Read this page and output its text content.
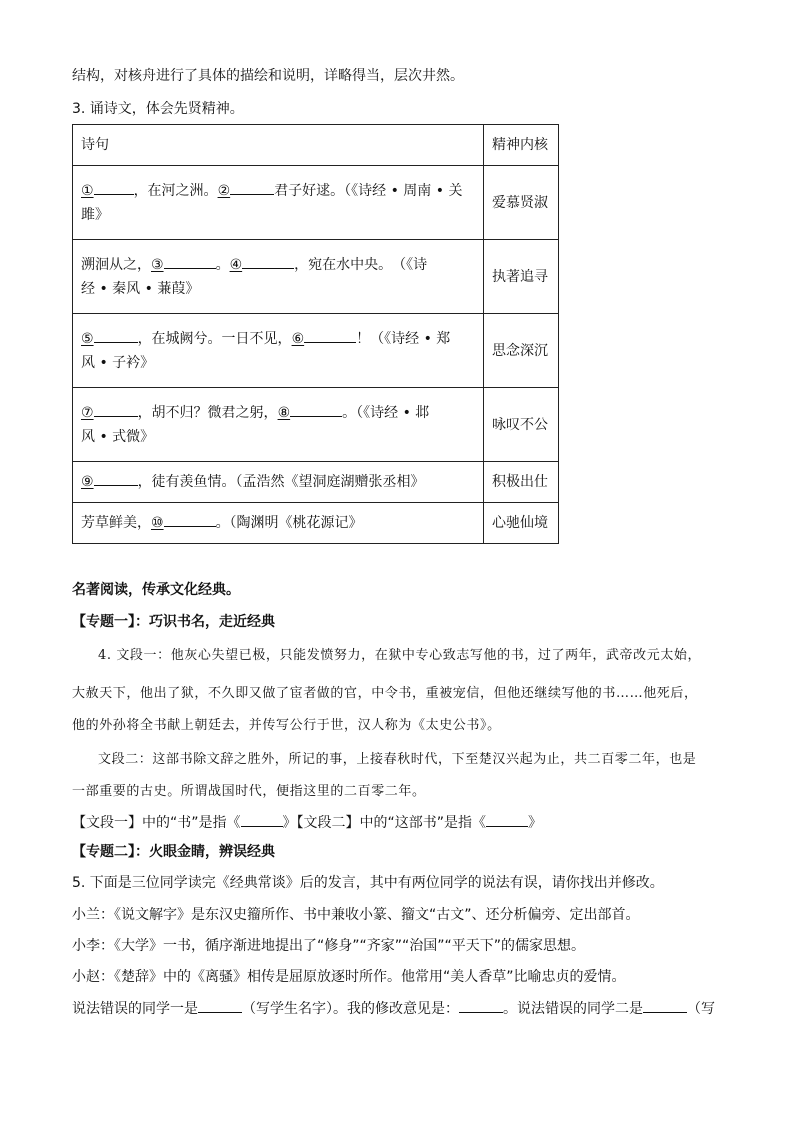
结构，对核舟进行了具体的描绘和说明，详略得当，层次井然。
3. 诵诗文，体会先贤精神。
诗句	精神内核
① ，在河之洲。② 君子好逑。（《诗经 • 周南 • 关
雎》	爱慕贤淑
溯洄从之，③ 。④ ，宛在水中央。　（《诗
经 • 秦风 • 蒹葭》	执著追寻
⑤ ，在城阙兮。一日不见，⑥ ！（《诗经 • 郑
风 • 子衿》	思念深沉
⑦ ，胡不归？微君之躬，⑧ 。（《诗经 • 邶
风 • 式微》	咏叹不公
⑨ ，徒有羡鱼情。（孟浩然《望洞庭湖赠张丞相》	积极出仕
芳草鲜美，⑩ 。（陶渊明《桃花源记》	心驰仙境
名著阅读，传承文化经典。
【专题一】：巧识书名，走近经典
4. 文段一：他灰心失望已极，只能发愤努力，在狱中专心致志写他的书，过了两年，武帝改元太始，
大赦天下，他出了狱，不久即又做了宦者做的官，中令书，重被宠信，但他还继续写他的书……他死后，
他的外孙将全书献上朝廷去，并传写公行于世，汉人称为《太史公书》。
文段二：这部书除文辞之胜外，所记的事，上接春秋时代，下至楚汉兴起为止，共二百零二年，也是
一部重要的古史。所谓战国时代，便指这里的二百零二年。
【文段一】中的“书”是指《	》【文段二】中的“这部书”是指《	》
【专题二】：火眼金睛，辨误经典
5. 下面是三位同学读完《经典常谈》后的发言，其中有两位同学的说法有误，请你找出并修改。
小兰：《说文解字》是东汉史籀所作、书中兼收小篆、籀文“古文”、还分析偏旁、定出部首。
小李：《大学》一书，循序渐进地提出了“修身”“齐家”“治国”“平天下”的儒家思想。
小赵：《楚辞》中的《离骚》相传是屈原放逐时所作。他常用“美人香草”比喻忠贞的爱情。
说法错误的同学一是	（写学生名字）。我的修改意见是：	。说法错误的同学二是	（写
